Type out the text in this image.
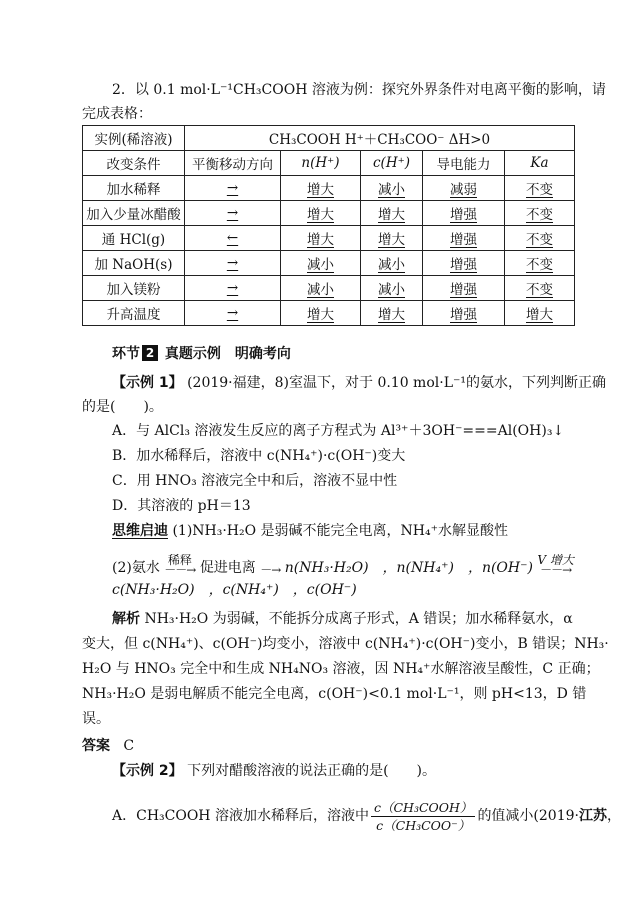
2．以 0.1 mol·L⁻¹CH₃COOH 溶液为例：探究外界条件对电离平衡的影响，请
完成表格：
实例(稀溶液)	CH₃COOH H⁺＋CH₃COO⁻ ΔH>0				
改变条件	平衡移动方向	n(H⁺)	c(H⁺)	导电能力	Ka
加水稀释	→	增大	减小	减弱	不变
加入少量冰醋酸	→	增大	增大	增强	不变
通 HCl(g)	←	增大	增大	增强	不变
加 NaOH(s)	→	减小	减小	增强	不变
加入镁粉	→	减小	减小	增强	不变
升高温度	→	增大	增大	增强	增大
环节 2 真题示例　明确考向
【示例 1】 (2019·福建，8)室温下，对于 0.10 mol·L⁻¹的氨水，下列判断正确
的是(　　)。
A．与 AlCl₃ 溶液发生反应的离子方程式为 Al³⁺＋3OH⁻===Al(OH)₃↓
B．加水稀释后，溶液中 c(NH₄⁺)·c(OH⁻)变大
C．用 HNO₃ 溶液完全中和后，溶液不显中性
D．其溶液的 pH＝13
思维启迪 (1)NH₃·H₂O 是弱碱不能完全电离，NH₄⁺水解显酸性
(2)氨水 稀释
－－→ 促进电离 －→ n(NH₃·H₂O)　，n(NH₄⁺)　，n(OH⁻) V 增大
－－→
c(NH₃·H₂O)　，c(NH₄⁺)　，c(OH⁻)
解析 NH₃·H₂O 为弱碱，不能拆分成离子形式，A 错误；加水稀释氨水，α
变大，但 c(NH₄⁺)、c(OH⁻)均变小，溶液中 c(NH₄⁺)·c(OH⁻)变小，B 错误；NH₃·
H₂O 与 HNO₃ 完全中和生成 NH₄NO₃ 溶液，因 NH₄⁺水解溶液呈酸性，C 正确；
NH₃·H₂O 是弱电解质不能完全电离，c(OH⁻)<0.1 mol·L⁻¹，则 pH<13，D 错
误。
答案 C
【示例 2】 下列对醋酸溶液的说法正确的是(　　)。
A．CH₃COOH 溶液加水稀释后，溶液中 $\frac{\text{c（CH₃COOH）}}{\text{c（CH₃COO⁻）}}$ 的值减小(2019·江苏，
